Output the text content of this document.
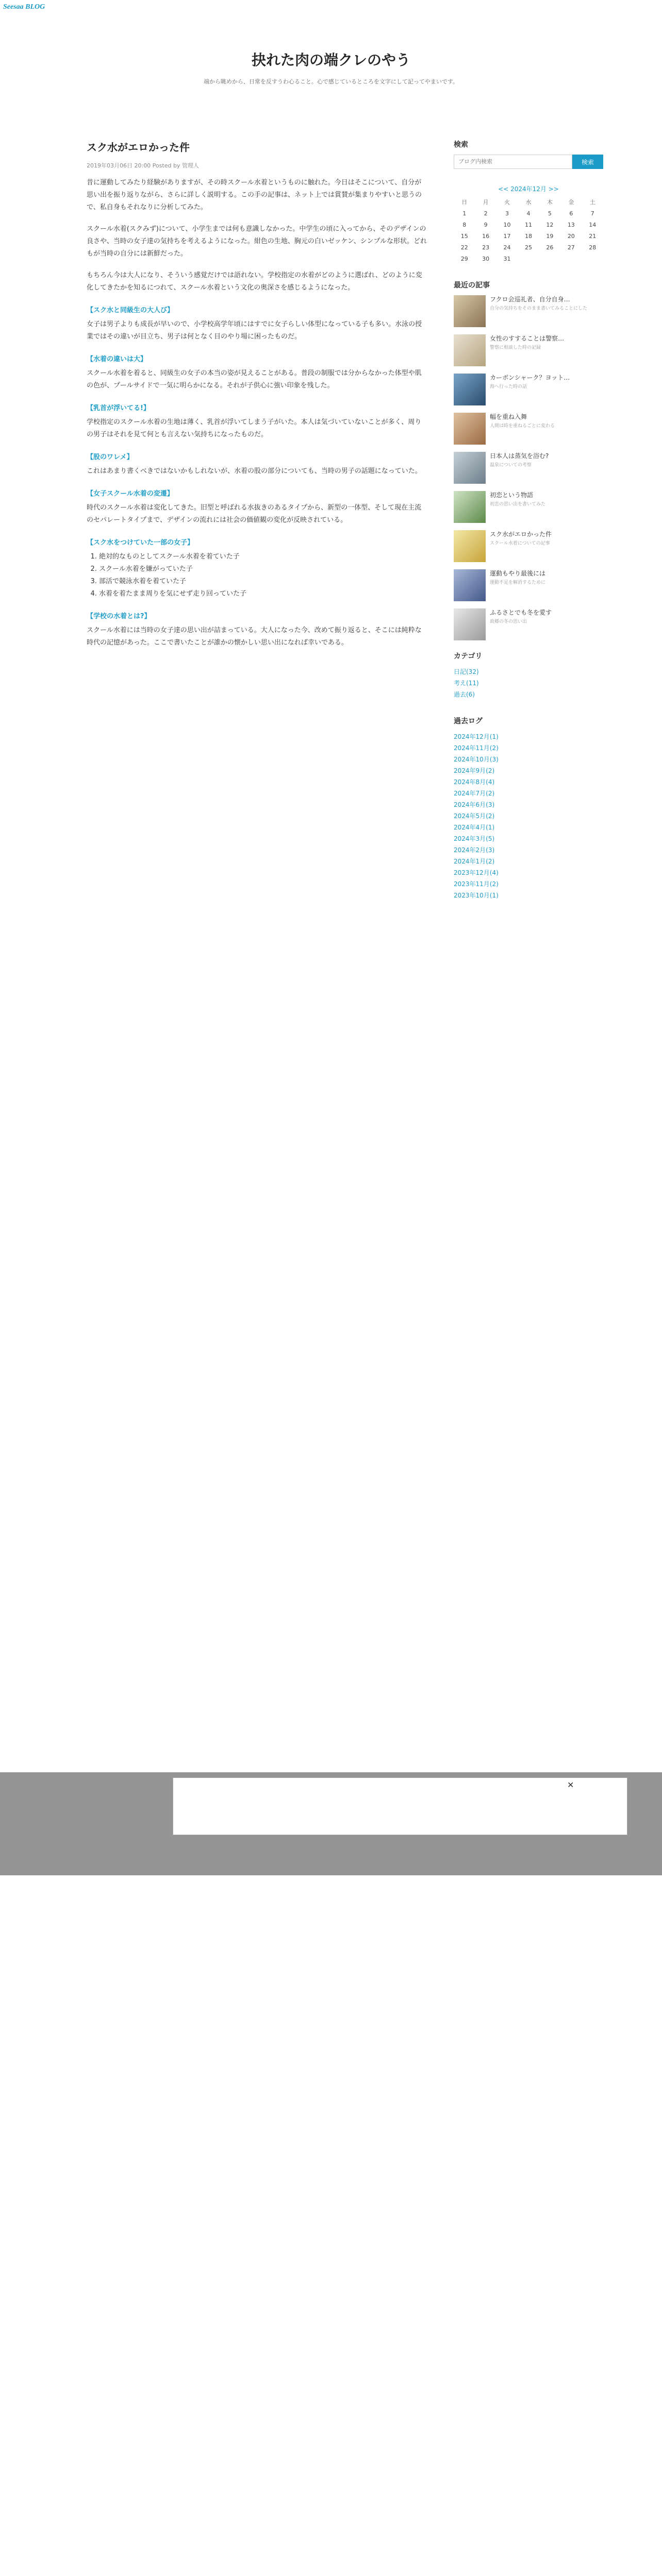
Seesaa BLOG
抉れた肉の端クレのやう
端から眺めから、日常を反すうわ心ること。心で感じているところを文字にして記ってやまいです。
スク水がエロかった件
2019年03月06日 20:00 Posted by 管理人

昔に運動してみたり経験がありますが、その時スクール水着というものに触れた。今日はそこについて、自分が思い出を振り返りながら、さらに詳しく説明する。この手の記事は、ネット上では賞賛が集まりやすいと思うので、私自身もそれなりに分析してみた。

スクール水着(スクみず)について、小学生までは何も意識しなかった。中学生の頃に入ってから、そのデザインの良さや、当時の女子達の気持ちを考えるようになった。紺色の生地、胸元の白いゼッケン、シンプルな形状。どれもが当時の自分には新鮮だった。

もちろん今は大人になり、そういう感覚だけでは語れない。学校指定の水着がどのように選ばれ、どのように変化してきたかを知るにつれて、スクール水着という文化の奥深さを感じるようになった。

【スク水と同級生の大人び】

女子は男子よりも成長が早いので、小学校高学年頃にはすでに女子らしい体型になっている子も多い。水泳の授業ではその違いが目立ち、男子は何となく目のやり場に困ったものだ。

【水着の違いは大】

スクール水着を着ると、同級生の女子の本当の姿が見えることがある。普段の制服では分からなかった体型や肌の色が、プールサイドで一気に明らかになる。それが子供心に強い印象を残した。

【乳首が浮いてる!】

学校指定のスクール水着の生地は薄く、乳首が浮いてしまう子がいた。本人は気づいていないことが多く、周りの男子はそれを見て何とも言えない気持ちになったものだ。

【股のワレメ】

これはあまり書くべきではないかもしれないが、水着の股の部分についても、当時の男子の話題になっていた。

【女子スクール水着の変遷】

時代のスクール水着は変化してきた。旧型と呼ばれる水抜きのあるタイプから、新型の一体型、そして現在主流のセパレートタイプまで、デザインの流れには社会の価値観の変化が反映されている。

【スク水をつけていた一部の女子】
1. 絶対的なものとしてスクール水着を着ていた子
2. スクール水着を嫌がっていた子
3. 部活で競泳水着を着ていた子
4. 水着を着たまま周りを気にせず走り回っていた子
【学校の水着とは?】

スクール水着には当時の女子達の思い出が詰まっている。大人になった今、改めて振り返ると、そこには純粋な時代の記憶があった。ここで書いたことが誰かの懐かしい思い出になれば幸いである。

検索
ブログ内検索
検索
<< 2024年12月 >>
日	月	火	水	木	金	土
1	2	3	4	5	6	7
8	9	10	11	12	13	14
15	16	17	18	19	20	21
22	23	24	25	26	27	28
29	30	31				
最近の記事
フクロ会巡礼者、自分自身…
自分の気持ちをそのまま書いてみることにした
女性のすすることは警察…
警察に相談した時の記録
カーボンシャーク？ヨット…
海へ行った時の話
幅を重ね入舞
人間は時を重ねるごとに変わる
日本人は蒸気を浴む?
温泉についての考察
初恋という物語
初恋の思い出を書いてみた
スク水がエロかった件
スクール水着についての記事
運動もやり最後には
運動不足を解消するために
ふるさとでも冬を愛す
故郷の冬の思い出
カテゴリ
日記(32)
考え(11)
過去(6)
過去ログ
2024年12月(1)
2024年11月(2)
2024年10月(3)
2024年9月(2)
2024年8月(4)
2024年7月(2)
2024年6月(3)
2024年5月(2)
2024年4月(1)
2024年3月(5)
2024年2月(3)
2024年1月(2)
2023年12月(4)
2023年11月(2)
2023年10月(1)
✕
